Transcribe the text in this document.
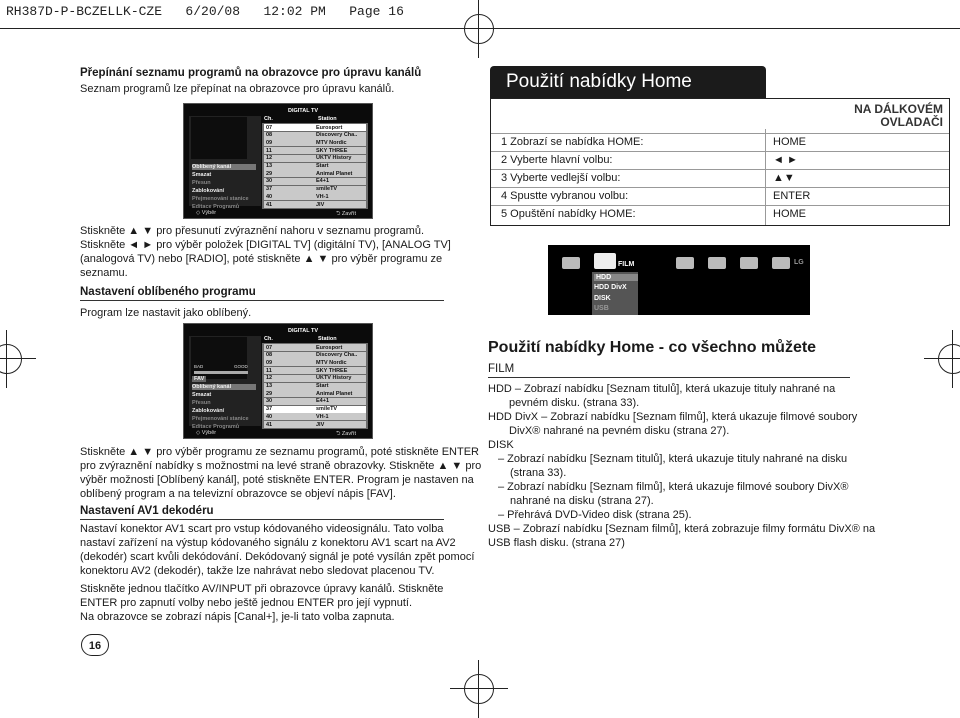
RH387D-P-BCZELLK-CZE   6/20/08   12:02 PM   Page 16
Přepínání seznamu programů na obrazovce pro úpravu kanálů
Seznam programů lze přepínat na obrazovce pro úpravu kanálů.
DIGITAL TV
Ch.	Station
Oblíbený kanál
Smazat
Přesun
Zablokování
Přejmenování stanice
Editace Programů
07	Eurosport
08	Discovery Cha..
09	MTV Nordic
11	SKY THREE
12	UKTV History
13	Start
29	Animal Planet
30	E4+1
37	smileTV
40	VH-1
41	JIV
◇ Výběr	⮌ Zavřít

Stiskněte ▲ ▼ pro přesunutí zvýraznění nahoru v seznamu programů.

Stiskněte ◄ ► pro výběr položek [DIGITAL TV] (digitální TV), [ANALOG TV]

(analogová TV) nebo [RADIO], poté stiskněte ▲ ▼ pro výběr programu ze

seznamu.

Nastavení oblíbeného programu
Program lze nastavit jako oblíbený.
BAD	GOOD
FAV
DIGITAL TV
Ch.	Station
Oblíbený kanál
Smazat
Přesun
Zablokování
Přejmenování stanice
Editace Programů
07	Eurosport
08	Discovery Cha..
09	MTV Nordic
11	SKY THREE
12	UKTV History
13	Start
29	Animal Planet
30	E4+1
37	smileTV
40	VH-1
41	JIV
◇ Výběr	⮌ Zavřít

Stiskněte ▲ ▼ pro výběr programu ze seznamu programů, poté stiskněte ENTER

pro zvýraznění nabídky s možnostmi na levé straně obrazovky. Stiskněte ▲ ▼ pro

výběr možnosti [Oblíbený kanál], poté stiskněte ENTER. Program je nastaven na

oblíbený program a na televizní obrazovce se objeví nápis [FAV].

Nastavení AV1 dekodéru

Nastaví konektor AV1 scart pro vstup kódovaného videosignálu. Tato volba

nastaví zařízení na výstup kódovaného signálu z konektoru AV1 scart na AV2

(dekodér) scart kvůli dekódování. Dekódovaný signál je poté vysílán zpět pomocí

konektoru AV2 (dekodér), takže lze nahrávat nebo sledovat placenou TV.

Stiskněte jednou tlačítko AV/INPUT při obrazovce úpravy kanálů. Stiskněte

ENTER pro zapnutí volby nebo ještě jednou ENTER pro její vypnutí.

Na obrazovce se zobrazí nápis [Canal+], je-li tato volba zapnuta.

16
Použití nabídky Home
NA DÁLKOVÉM
OVLADAČI
1 Zobrazí se nabídka HOME:	HOME
2 Vyberte hlavní volbu:	◄ ►
3 Vyberte vedlejší volbu:	▲▼
4 Spustte vybranou volbu:	ENTER
5 Opuštění nabídky HOME:	HOME
FILM	LG
HDD
HDD DivX
DISK
USB
Použití nabídky Home - co všechno můžete
FILM

HDD – Zobrazí nabídku [Seznam titulů], která ukazuje tituly nahrané na

pevném disku. (strana 33).

HDD DivX – Zobrazí nabídku [Seznam filmů], která ukazuje filmové soubory

DivX® nahrané na pevném disku (strana 27).

DISK

– Zobrazí nabídku [Seznam titulů], která ukazuje tituly nahrané na disku

(strana 33).

– Zobrazí nabídku [Seznam filmů], která ukazuje filmové soubory DivX®

nahrané na disku (strana 27).

– Přehrává DVD-Video disk (strana 25).

USB – Zobrazí nabídku [Seznam filmů], která zobrazuje filmy formátu DivX® na

USB flash disku. (strana 27)
